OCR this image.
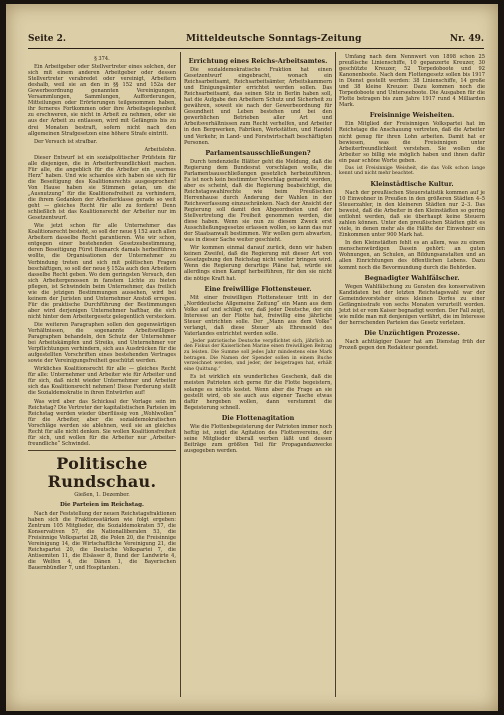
Seite 2.	Mitteldeutsche Sonntags-Zeitung	Nr. 49.

§ 374.

Ein Arbeitgeber oder Stellvertreter eines solchen, der sich mit einem anderen Arbeitgeber oder dessen Stellvertreter verabredet oder vereinigt, Arbeitern deshalb, weil sie an den in §§ 152 und 152a der Gewerbeordnung genannten Vereinigungen, Versammlungen, Sammlungen, Aufforderungen, Mitteilungen oder Erörterungen teilgenommen haben, ihr ferneres Fortkommen oder ihre Arbeitsgelegenheit zu erschweren, sie nicht in Arbeit zu nehmen, oder sie aus der Arbeit zu entlassen, wird mit Gefängnis bis zu drei Monaten bestraft, sofern nicht nach den allgemeinen Strafgesetzen eine höhere Strafe eintritt.

Der Versuch ist strafbar.

Arbeitslohn.

Dieser Entwurf ist ein sozialpolitischer Prüfstein für alle diejenigen, die in Arbeiterfreundlichkeit machen. Für alle, die angeblich für die Arbeiter ein „warmes Herz“ haben. Und wie schamlos sich haben sie sich für die Beseitigung des Koalitionsrechts ausgesprochen! Von Hause haben sie Stimmen getan, um die „Ausnutzung“ für die Koalitionsfreiheit zu verhindern, die ihrem Gedanken der Arbeiterklasse gerade so weit geht — gleiches Recht für alle zu fordern! Denn schließlich ist das Koalitionsrecht der Arbeiter nur im Gesetzentwurf.

Wie jetzt schon für alle Unternehmer das Koalitionsrecht besteht, so soll der neue § 152 auch allen Arbeitern dasselbe Recht garantieren. Wie wir schon, entgegen einer bestehenden Gesetzesbestimmung, deren Beseitigung Fürst Bismarck damals herbeiführen wollte, die Organisationen der Unternehmer zu Verbindung treten und sich mit politischen Fragen beschäftigen, so soll der neue § 152a auch den Arbeitern dasselbe Recht geben. Wo dem geringsten Versuch, den sich Arbeitergenossen in fanstem Lichte zu bieten pflegen, ist Schwindeln beim Unternehmer, das freilich wie die jetzigen Bestimmungen aussehen, wird bei keinem der Juristen und Unternehmer Anstoß erregen. Für die praktische Durchführung der Bestimmungen aber wird derjenigen Unternehmer haftbar, die sich nicht hinter dem Arbeitergesetz gelegentlich verstecken.

Die weiteren Paragraphen sollen den gegenwärtigen Verhältnissen, die sogenannte Arbeitswilligen-Paragraphen behandeln, den Schutz der Unternehmer bei Arbeitskämpfen und Streiks, und Unternehmer vor Verpflichtungen verhindern, sich aus Ausdrücken für die aufgestellten Vorschriften eines bestehenden Vertrages sowie der Vereinigungsfreiheit geschützt werden.

Wirkliches Koalitionsrecht für alle — gleiches Recht für alle: Unternehmer und Arbeiter wie für Arbeiter und für sich, daß nicht wieder Unternehmer und Arbeiter sich das Koalitionsrecht nehmen! Diese Forderung stellt die Sozialdemokratie in ihren Entwürfen auf!

Was wird aber das Schicksal der Vorlage sein im Reichstag? Die Vertreter der kapitalistischen Parteien im Reichstag werden wieder überflüssig von „Wohlwollen“ für die Arbeiter, aber die sozialdemokratischen Vorschläge werden sie ablehnen, weil sie an gleiches Recht für alle nicht denken. Sie wollen Koalitionsfreiheit für sich, und wollen für die Arbeiter nur „Arbeiter-freundliche“ Schwindel.

Politische Rundschau.

Gießen, 1. Dezember.

Die Parteien im Reichstag.

Nach der Feststellung der neuen Reichstagsfraktionen haben sich die Fraktionsstärken wie folgt ergeben: Zentrum 105 Mitglieder, die Sozialdemokraten 57, die Konservativen 57, die Nationalliberalen 53, die Freisinnige Volkspartei 28, die Polen 20, die Freisinnige Vereinigung 14, die Wirtschaftliche Vereinigung 21, die Reichspartei 20, die Deutsche Volkspartei 7, die Antisemiten 11, die Elsässer 8, Bund der Landwirte 4, die Welfen 4, die Dänen 1, die Bayerischen Bauernbündler 7, und Hospitanten.

Errichtung eines Reichs-Arbeitsamtes.

Die sozialdemokratische Fraktion hat einen Gesetzentwurf eingebracht, wonach ein Reichsarbeitsamt, Reichsarbeitsämter, Arbeitskammern und Einigungsämter errichtet werden sollen. Das Reichsarbeitsamt, das seinen Sitz in Berlin haben soll, hat die Aufgabe den Arbeitern Schutz und Sicherheit zu gewähren, soweit sie nach der Gewerbeordnung für Gesundheit und Leben bestehen und bei den gewerblichen Betrieben aller Art und Arbeitsverhältnissen zum Recht verhelfen, und Arbeiter in den Bergwerken, Fabriken, Werkstätten, und Handel und Verkehr, in Land- und Forstwirtschaft beschäftigten Personen.

Parlamentsausschließungen?

Durch tendenzielle Blätter geht die Meldung, daß die Regierung dem Bundesrat vorschlagen wolle, die Parlamentsausschließungen gesetzlich herbeizuführen. Es ist noch kein bestimmter Vorschlag gemacht worden, aber es scheint, daß die Regierung beabsichtigt, die Reichstagswahlrechte wie beim Preußischen Herrenhause durch Änderung der Wahlen in der Reichsverfassung einzuschränken. Nach der Ansicht der Regierung soll damit den Abgeordneten und der Stellvertretung die Freiheit genommen werden, die diese haben. Wenn sie nun zu diesem Zweck erst Ausschließungsgesetze erlassen wollen, so kann das nur der Staatsanwalt bestimmen. Wir wollen gern abwarten, was in dieser Sache weiter geschieht.

Wir kommen einmal darauf zurück, denn wir haben keinen Zweifel, daß die Regierung mit dieser Art von Gesetzgebung den Reichstag nicht weiter bringen wird. Wenn die Regierung derartige Pläne hat, würde sie allerdings einen Kampf herbeiführen, für den sie nicht die nötige Kraft hat.

Eine freiwillige Flottensteuer.

Mit einer freiwilligen Flottensteuer tritt in der „Norddeutsche Allgemeine Zeitung“ ein Mann aus dem Volke auf und schlägt vor, daß jeder Deutsche, der ein Interesse an der Flotte hat, freiwillig eine jährliche Steuer entrichten solle. Der „Mann aus dem Volke“ verlangt, daß diese Steuer als Ehrensold des Vaterlandes entrichtet werden solle.

„Jeder patriotische Deutsche verpflichtet sich, jährlich an den Fiskus der Kaiserlichen Marine einen freiwilligen Beitrag zu leisten. Die Summe soll jedes Jahr mindestens eine Mark betragen. Die Namen der Spender sollen in einem Buche verzeichnet werden, und jeder, der beigetragen hat, erhält eine Quittung.“

Es ist wirklich ein wunderliches Geschenk, daß die meisten Patrioten sich gerne für die Flotte begeistern, solange es nichts kostet. Wenn aber die Frage an sie gestellt wird, ob sie auch aus eigener Tasche etwas dafür hergeben wollen, dann verstummt die Begeisterung schnell.

Die Flottenagitation

Wie die Flottenbegeisterung der Patrioten immer noch heftig ist, zeigt die Agitation des Flottenvereins, der seine Mitglieder überall werben läßt und dessen Beiträge zum größten Teil für Propagandazwecke ausgegeben werden.

Umfang nach dem Nennwert von 1898 schon 25 preußische Linienschiffe, 10 gepanzerte Kreuzer, 30 geschützte Kreuzer, 52 Torpedoboote und 92 Kanonenboote. Nach dem Flottengesetz sollen bis 1917 in Dienst gestellt werden: 38 Linienschiffe, 14 große und 38 kleine Kreuzer. Dazu kommen noch die Torpedoboote und Unterseeboote. Die Ausgaben für die Flotte betragen bis zum Jahre 1917 rund 4 Milliarden Mark.

Freisinnige Weisheiten.

Ein Mitglied der Freisinnigen Volkspartei hat im Reichstage die Anschauung vertreten, daß die Arbeiter nicht genug für ihren Lohn arbeiten. Damit hat er bewiesen, was die Freisinnigen unter Arbeiterfreundlichkeit verstehen. Sie wollen die Arbeiter so billig wie möglich haben und ihnen dafür ein paar schöne Worte geben.

Das ist Freisinnige Weisheit, die das Volk schon lange kennt und nicht mehr beachtet.

Kleinstädtische Kultur.

Nach der preußischen Steuerstatistik kommen auf je 10 Einwohner in Preußen in den größeren Städten 4–5 Steuerzahler, in den kleineren Städten nur 2–3. Das beweist, daß die Arbeiter in den Kleinstädten so gering entlohnt werden, daß sie überhaupt keine Steuern zahlen können. Unter den preußischen Städten gibt es viele, in denen mehr als die Hälfte der Einwohner ein Einkommen unter 900 Mark hat.

In den Kleinstädten fehlt es an allem, was zu einem menschenwürdigen Dasein gehört: an guten Wohnungen, an Schulen, an Bildungsanstalten und an allen Einrichtungen des öffentlichen Lebens. Dazu kommt noch die Bevormundung durch die Behörden.

Begnadigter Wahlfälscher.

Wegen Wahlfälschung zu Gunsten des konservativen Kandidaten bei der letzten Reichstagswahl war der Gemeindevorsteher eines kleinen Dorfes zu einer Gefängnisstrafe von sechs Monaten verurteilt worden. Jetzt ist er vom Kaiser begnadigt worden. Der Fall zeigt, wie milde man mit denjenigen verfährt, die im Interesse der herrschenden Parteien das Gesetz verletzen.

Die Unzüchtigen Prozesse.

Nach achttägiger Dauer hat am Dienstag früh der Prozeß gegen den Redakteur geendet.
